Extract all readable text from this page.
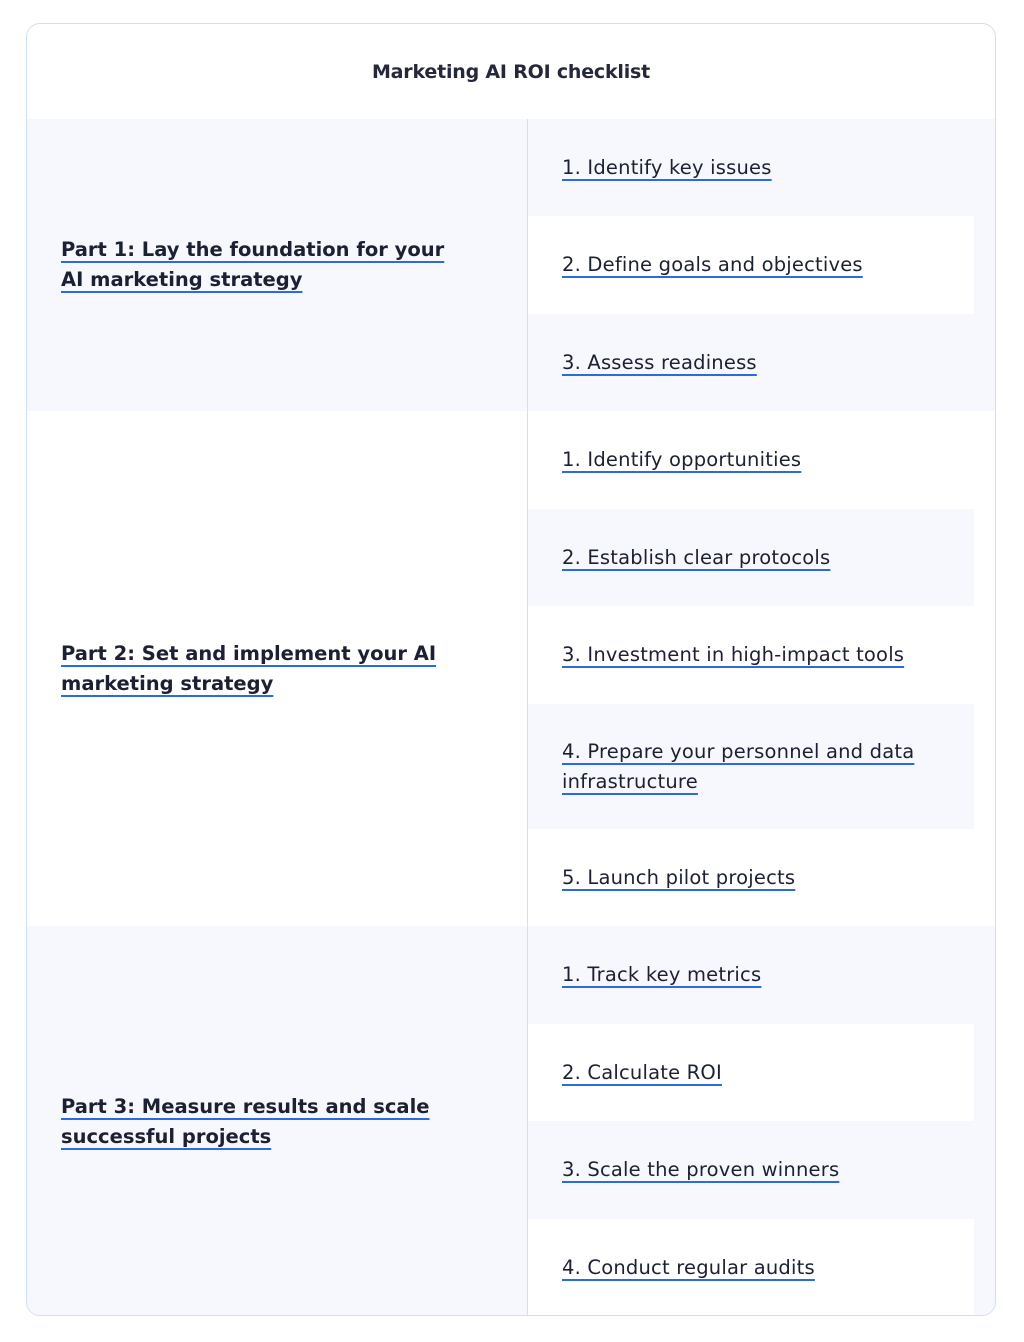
Marketing AI ROI checklist
Part 1: Lay the foundation for your AI marketing strategy
Part 2: Set and implement your AI marketing strategy
Part 3: Measure results and scale successful projects
1. Identify key issues
2. Define goals and objectives
3. Assess readiness
1. Identify opportunities
2. Establish clear protocols
3. Investment in high-impact tools
4. Prepare your personnel and data infrastructure
5. Launch pilot projects
1. Track key metrics
2. Calculate ROI
3. Scale the proven winners
4. Conduct regular audits
